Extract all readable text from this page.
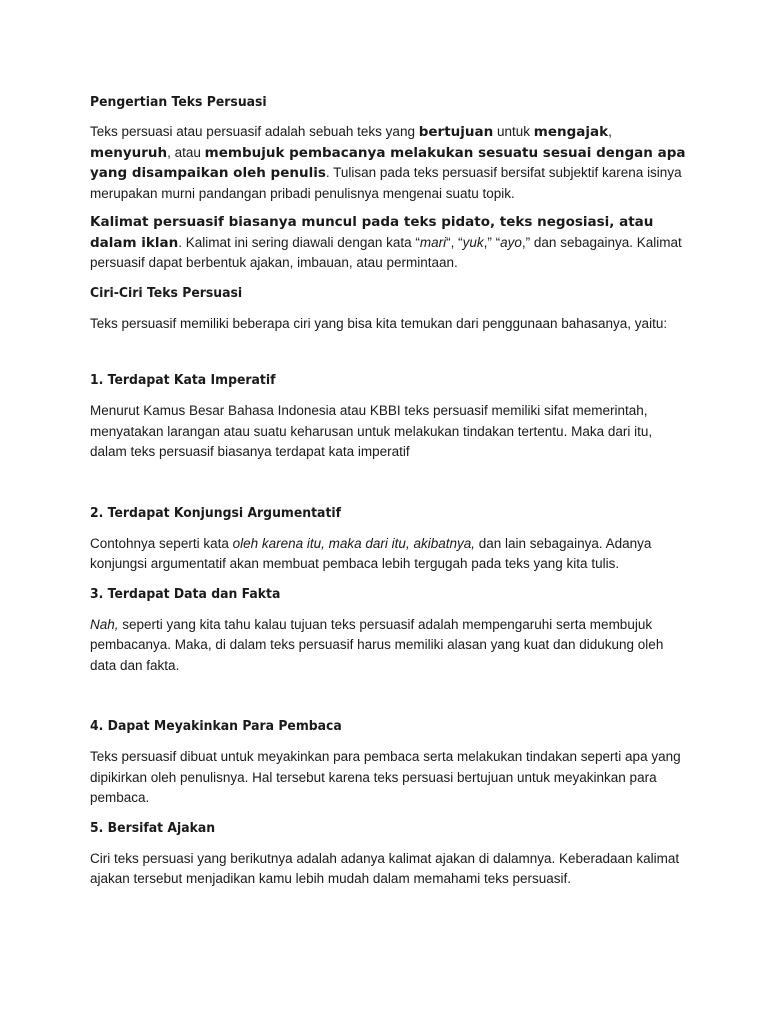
Pengertian Teks Persuasi

Teks persuasi atau persuasif adalah sebuah teks yang bertujuan untuk mengajak, menyuruh, atau membujuk pembacanya melakukan sesuatu sesuai dengan apa yang disampaikan oleh penulis. Tulisan pada teks persuasif bersifat subjektif karena isinya merupakan murni pandangan pribadi penulisnya mengenai suatu topik.

Kalimat persuasif biasanya muncul pada teks pidato, teks negosiasi, atau dalam iklan. Kalimat ini sering diawali dengan kata “mari“, “yuk,” “ayo,” dan sebagainya. Kalimat persuasif dapat berbentuk ajakan, imbauan, atau permintaan.

Ciri-Ciri Teks Persuasi

Teks persuasif memiliki beberapa ciri yang bisa kita temukan dari penggunaan bahasanya, yaitu:

1. Terdapat Kata Imperatif

Menurut Kamus Besar Bahasa Indonesia atau KBBI teks persuasif memiliki sifat memerintah, menyatakan larangan atau suatu keharusan untuk melakukan tindakan tertentu. Maka dari itu, dalam teks persuasif biasanya terdapat kata imperatif

2. Terdapat Konjungsi Argumentatif

Contohnya seperti kata oleh karena itu, maka dari itu, akibatnya, dan lain sebagainya. Adanya konjungsi argumentatif akan membuat pembaca lebih tergugah pada teks yang kita tulis.

3. Terdapat Data dan Fakta

Nah, seperti yang kita tahu kalau tujuan teks persuasif adalah mempengaruhi serta membujuk pembacanya. Maka, di dalam teks persuasif harus memiliki alasan yang kuat dan didukung oleh data dan fakta.

4. Dapat Meyakinkan Para Pembaca

Teks persuasif dibuat untuk meyakinkan para pembaca serta melakukan tindakan seperti apa yang dipikirkan oleh penulisnya. Hal tersebut karena teks persuasi bertujuan untuk meyakinkan para pembaca.

5. Bersifat Ajakan

Ciri teks persuasi yang berikutnya adalah adanya kalimat ajakan di dalamnya. Keberadaan kalimat ajakan tersebut menjadikan kamu lebih mudah dalam memahami teks persuasif.
